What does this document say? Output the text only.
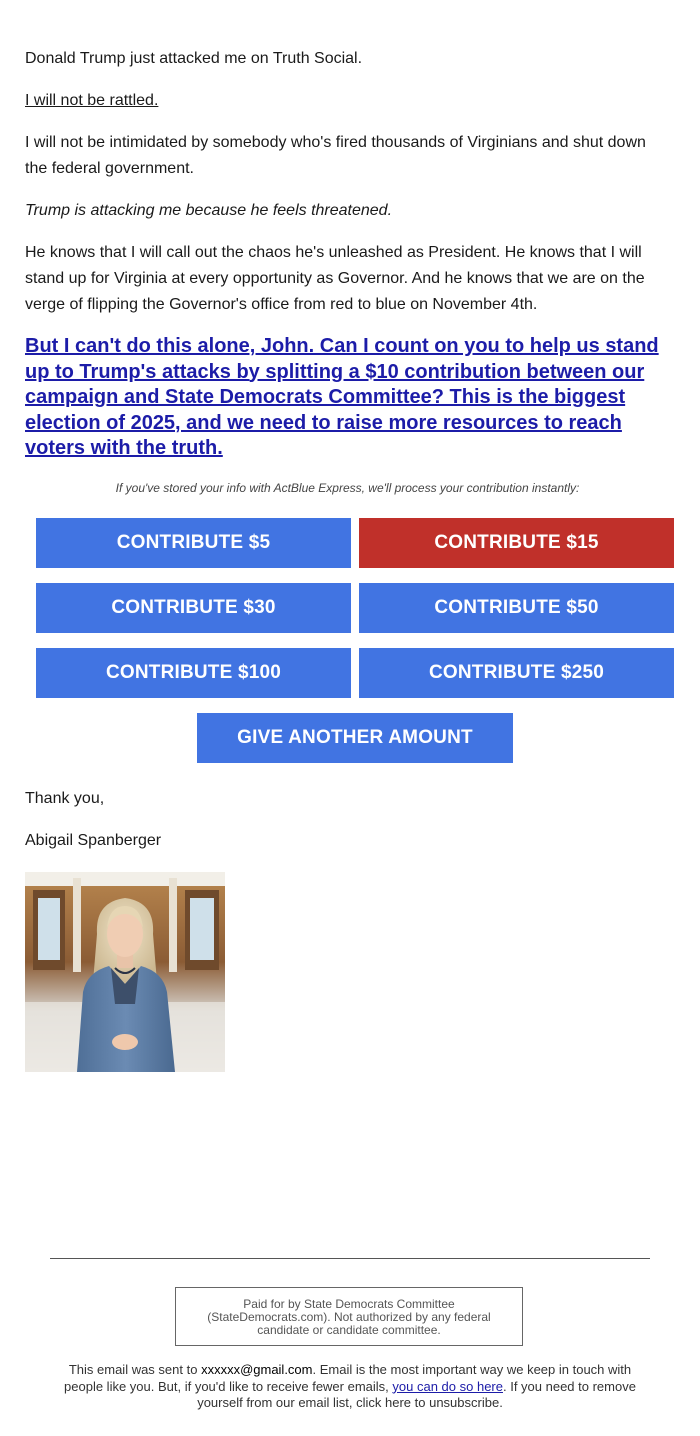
Donald Trump just attacked me on Truth Social.

I will not be rattled.

I will not be intimidated by somebody who's fired thousands of Virginians and shut down the federal government.

Trump is attacking me because he feels threatened.

He knows that I will call out the chaos he's unleashed as President. He knows that I will stand up for Virginia at every opportunity as Governor. And he knows that we are on the verge of flipping the Governor's office from red to blue on November 4th.

But I can't do this alone, John. Can I count on you to help us stand up to Trump's attacks by splitting a $10 contribution between our campaign and State Democrats Committee? This is the biggest election of 2025, and we need to raise more resources to reach voters with the truth.
If you've stored your info with ActBlue Express, we'll process your contribution instantly:
CONTRIBUTE $5	CONTRIBUTE $15
CONTRIBUTE $30	CONTRIBUTE $50
CONTRIBUTE $100	CONTRIBUTE $250
GIVE ANOTHER AMOUNT

Thank you,

Abigail Spanberger

Paid for by State Democrats Committee (StateDemocrats.com). Not authorized by any federal candidate or candidate committee.
This email was sent to xxxxxx@gmail.com. Email is the most important way we keep in touch with people like you. But, if you'd like to receive fewer emails, you can do so here. If you need to remove yourself from our email list, click here to unsubscribe.
